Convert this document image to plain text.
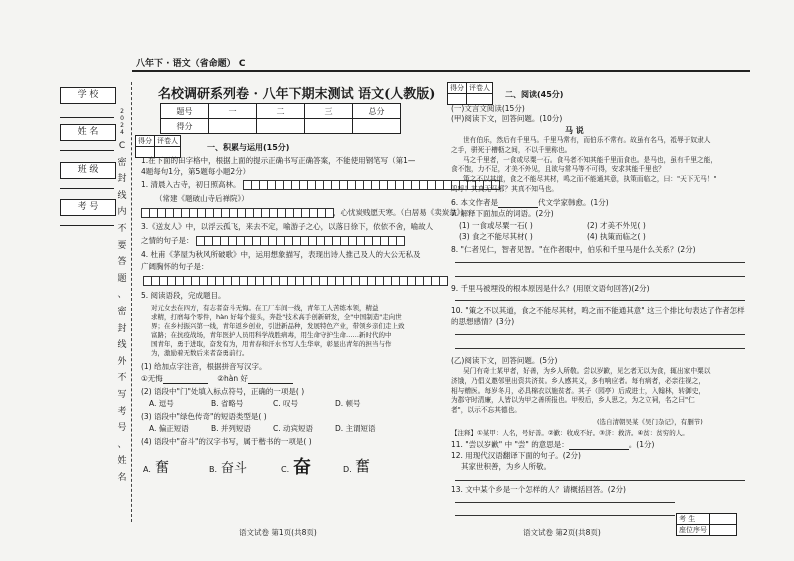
八年下 · 语文（省命题） C
学 校
姓 名
班 级
考 号
2
0
2
4
C
密
封
线
内
不
要
答
题
、
密
封
线
外
不
写
考
号
、
姓
名
名校调研系列卷 · 八年下期末测试 语文(人教版)
题号	一	二	三	总分
得分				
得分	评卷人

一、积累与运用(15分)
1.在下面的田字格中，根据上面的提示正确书写正确答案，不能使用钢笔写（第1—
4题每句1分，第5题每小题2分）
1. 清晨入古寺，初日照高林。
（常建《题破山寺后禅院》）
，心忧炭贱愿天寒。（白居易《卖炭翁》）
3.《送友人》中，以浮云孤飞，来去不定，喻游子之心，以落日徐下，依依不舍，喻故人
之情的句子是：
4. 杜甫《茅屋为秋风所破歌》中，运用想象描写，表现出诗人推己及人的大公无私及
广阔胸怀的句子是：
5. 阅读语段，完成题目。
对元女去在四方，有志者奋斗无悔。在工厂车间一线，青年工人苦练本领，精益
求精，打磨每个零件，hàn 好每个接头，奔赴"技术高手创新研发，全"中国制造"走向世
界；在乡村振兴第一线，青年返乡创业，引进新品种，发展特色产业，带领乡亲们走上致
富路；在抗疫战场，青年医护人员用科学战胜病毒，用生命守护生命……新时代的中
国青年，勇于进取，奋发有为，用青春和汗水书写人生华章，彰显出青年的担当与作
为，激励着无数后来者奋勇前行。
(1) 给加点字注音，根据拼音写汉字。
①无悔	②hàn 好
(2) 语段中"门"处填入标点符号，正确的一项是( )
A. 逗号	B. 省略号	C. 叹号	D. 顿号
(3) 语段中"绿色传奇"的短语类型是( )
A. 偏正短语	B. 并列短语	C. 动宾短语	D. 主谓短语
(4) 语段中"奋斗"的汉字书写，属于楷书的一项是( )
A. 奮	B. 奋斗	C. 奋	D. 奮
语文试卷 第1页(共8页)
得分	评卷人

二、阅读(45分)
(一)文言文阅读(15分)
(甲)阅读下文，回答问题。(10分)
马 说
世有伯乐，然后有千里马。千里马常有，而伯乐不常有。故虽有名马，祗辱于奴隶人
之手，骈死于槽枥之间，不以千里称也。
马之千里者，一食或尽粟一石。食马者不知其能千里而食也。是马也，虽有千里之能，
食不饱，力不足，才美不外见，且欲与常马等不可得，安求其能千里也？
策之不以其道，食之不能尽其材，鸣之而不能通其意，执策而临之，曰："天下无马！"
呜呼！其真无马邪？其真不知马也。
6. 本文作者是	代文学家韩愈。(1分)
7. 解释下面加点的词语。(2分)
(1) 一食或尽粟一石( )	(2) 才美不外见( )
(3) 食之不能尽其材( )	(4) 执策而临之( )
8. "仁者见仁，智者见智。"在作者眼中，伯乐和千里马是什么关系？(2分)
9. 千里马被埋没的根本原因是什么？(用原文语句回答)(2分)
10. "策之不以其道，食之不能尽其材，鸣之而不能通其意" 这三个排比句表达了作者怎样
的思想感情？(3分)
(乙)阅读下文，回答问题。(5分)
吴门有奇士某甲者，好善，为乡人所敬。尝以岁歉，见乞者无以为食，辄出家中粟以
济饿，乃倡义邀邻里出资共济贫。乡人感其义，多有响应者。每有病者，必亲往视之，
相与赠医。每岁冬月，必具棉衣以施贫者。其子（园亭）后成进士，入翰林，转御史，
为郡守时清廉，人皆以为甲之善所报也。甲殁后，乡人思之，为之立祠，名之曰"仁
者"，以示不忘其德也。
(选自清朝吴某《吴门杂记》，有删节)
【注释】①某甲：人名，号好善。②歉：收成不好。③济：救济。④贫：贫穷的人。
11. "尝以岁歉" 中 "尝" 的意思是：	。(1分)
12. 用现代汉语翻译下面的句子。(2分)
其家世积善，为乡人所敬。
13. 文中某个乡是一个怎样的人？请概括回答。(2分)
语文试卷 第2页(共8页)
考 生	
座位序号	
